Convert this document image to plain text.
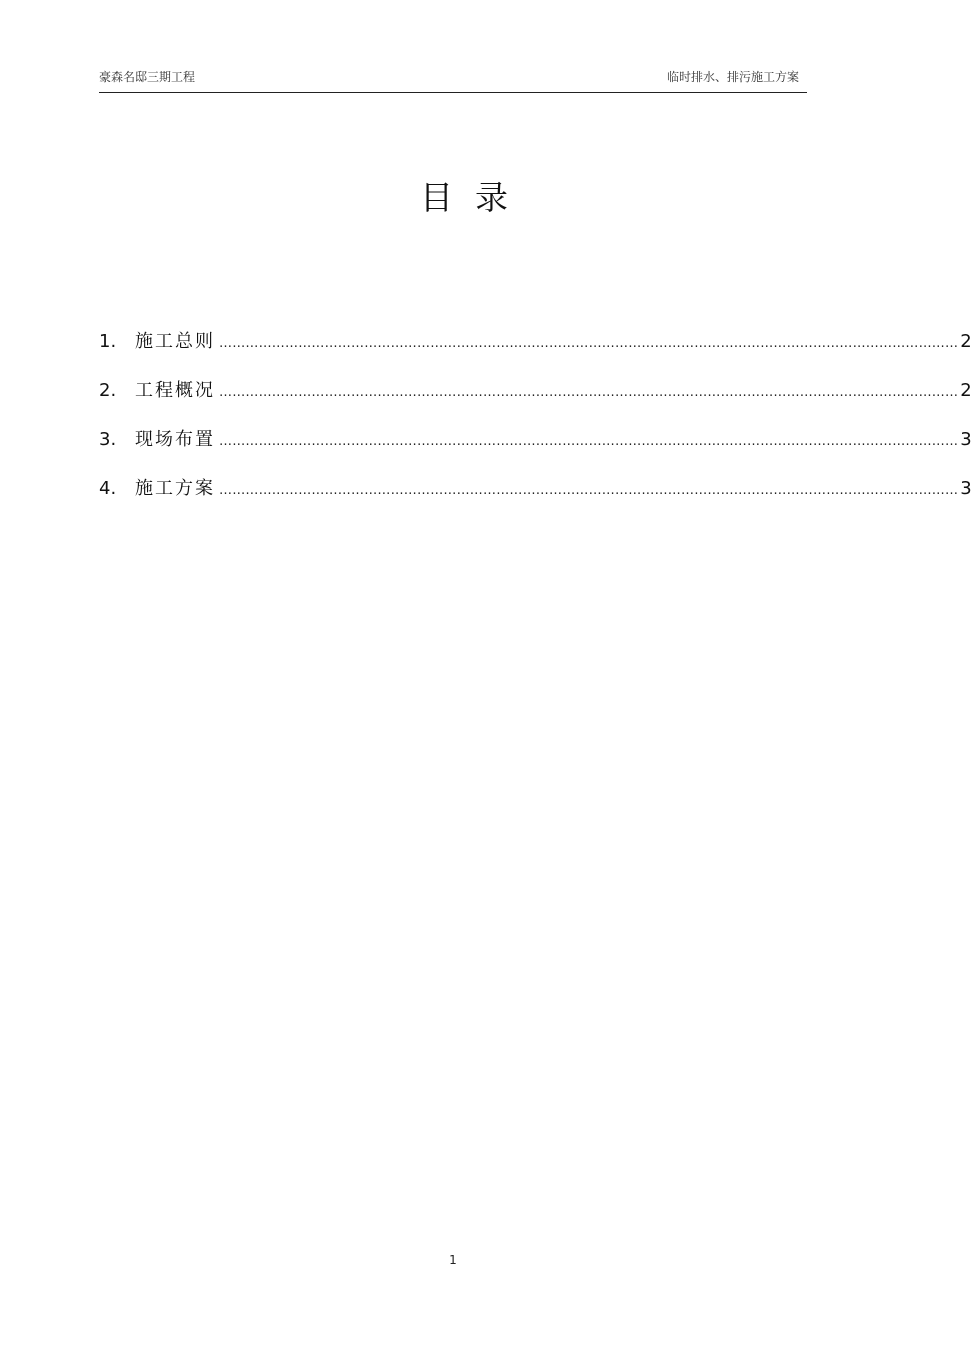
豪森名邸三期工程	临时排水、排污施工方案
目录
1.	施工总则 …………………………………………………………………………………………………………………………………………………… 2
2.	工程概况 …………………………………………………………………………………………………………………………………………………… 2
3.	现场布置 …………………………………………………………………………………………………………………………………………………… 3
4.	施工方案 …………………………………………………………………………………………………………………………………………………… 3
1
